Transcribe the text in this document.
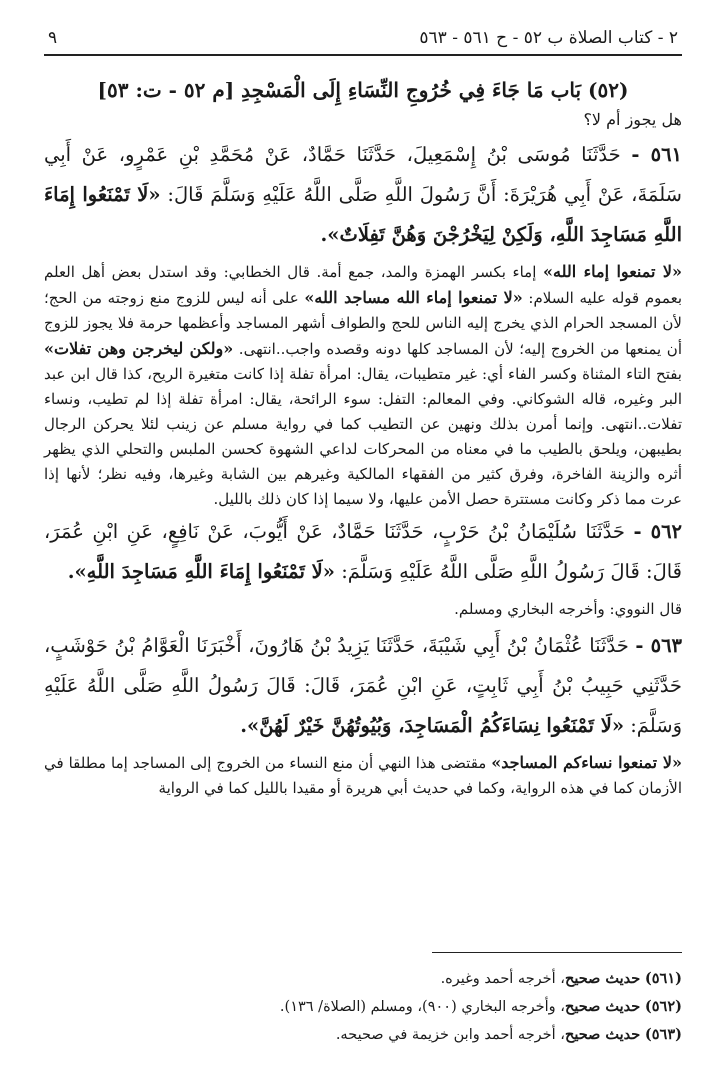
٢ - كتاب الصلاة ب ٥٢ - ح ٥٦١ - ٥٦٣
٩
(٥٢) بَاب مَا جَاءَ فِي خُرُوجِ النِّسَاءِ إِلَى الْمَسْجِدِ [م ٥٢ - ت: ٥٣]

هل يجوز أم لا؟

٥٦١ - حَدَّثَنَا مُوسَى بْنُ إِسْمَعِيلَ، حَدَّثَنَا حَمَّادٌ، عَنْ مُحَمَّدِ بْنِ عَمْرٍو، عَنْ أَبِي سَلَمَةَ، عَنْ أَبِي هُرَيْرَةَ: أَنَّ رَسُولَ اللَّهِ صَلَّى اللَّهُ عَلَيْهِ وَسَلَّمَ قَالَ: «لَا تَمْنَعُوا إِمَاءَ اللَّهِ مَسَاجِدَ اللَّهِ، وَلَكِنْ لِيَخْرُجْنَ وَهُنَّ تَفِلَاتٌ».

«لا تمنعوا إماء الله» إماء بكسر الهمزة والمد، جمع أمة. قال الخطابي: وقد استدل بعض أهل العلم بعموم قوله عليه السلام: «لا تمنعوا إماء الله مساجد الله» على أنه ليس للزوج منع زوجته من الحج؛ لأن المسجد الحرام الذي يخرج إليه الناس للحج والطواف أشهر المساجد وأعظمها حرمة فلا يجوز للزوج أن يمنعها من الخروج إليه؛ لأن المساجد كلها دونه وقصده واجب..انتهى. «ولكن ليخرجن وهن تفلات» بفتح التاء المثناة وكسر الفاء أي: غير متطيبات، يقال: امرأة تفلة إذا كانت متغيرة الريح، كذا قال ابن عبد البر وغيره، قاله الشوكاني. وفي المعالم: التفل: سوء الرائحة، يقال: امرأة تفلة إذا لم تطيب، ونساء تفلات..انتهى. وإنما أمرن بذلك ونهين عن التطيب كما في رواية مسلم عن زينب لئلا يحركن الرجال بطيبهن، ويلحق بالطيب ما في معناه من المحركات لداعي الشهوة كحسن الملبس والتحلي الذي يظهر أثره والزينة الفاخرة، وفرق كثير من الفقهاء المالكية وغيرهم بين الشابة وغيرها، وفيه نظر؛ لأنها إذا عرت مما ذكر وكانت مستترة حصل الأمن عليها، ولا سيما إذا كان ذلك بالليل.

٥٦٢ - حَدَّثَنَا سُلَيْمَانُ بْنُ حَرْبٍ، حَدَّثَنَا حَمَّادٌ، عَنْ أَيُّوبَ، عَنْ نَافِعٍ، عَنِ ابْنِ عُمَرَ، قَالَ: قَالَ رَسُولُ اللَّهِ صَلَّى اللَّهُ عَلَيْهِ وَسَلَّمَ: «لَا تَمْنَعُوا إِمَاءَ اللَّهِ مَسَاجِدَ اللَّهِ».

قال النووي: وأخرجه البخاري ومسلم.

٥٦٣ - حَدَّثَنَا عُثْمَانُ بْنُ أَبِي شَيْبَةَ، حَدَّثَنَا يَزِيدُ بْنُ هَارُونَ، أَخْبَرَنَا الْعَوَّامُ بْنُ حَوْشَبٍ، حَدَّثَنِي حَبِيبُ بْنُ أَبِي ثَابِتٍ، عَنِ ابْنِ عُمَرَ، قَالَ: قَالَ رَسُولُ اللَّهِ صَلَّى اللَّهُ عَلَيْهِ وَسَلَّمَ: «لَا تَمْنَعُوا نِسَاءَكُمُ الْمَسَاجِدَ، وَبُيُوتُهُنَّ خَيْرٌ لَهُنَّ».

«لا تمنعوا نساءكم المساجد» مقتضى هذا النهي أن منع النساء من الخروج إلى المساجد إما مطلقا في الأزمان كما في هذه الرواية، وكما في حديث أبي هريرة أو مقيدا بالليل كما في الرواية

(٥٦١) حديث صحيح، أخرجه أحمد وغيره.

(٥٦٢) حديث صحيح، وأخرجه البخاري (٩٠٠)، ومسلم (الصلاة/ ١٣٦).

(٥٦٣) حديث صحيح، أخرجه أحمد وابن خزيمة في صحيحه.
